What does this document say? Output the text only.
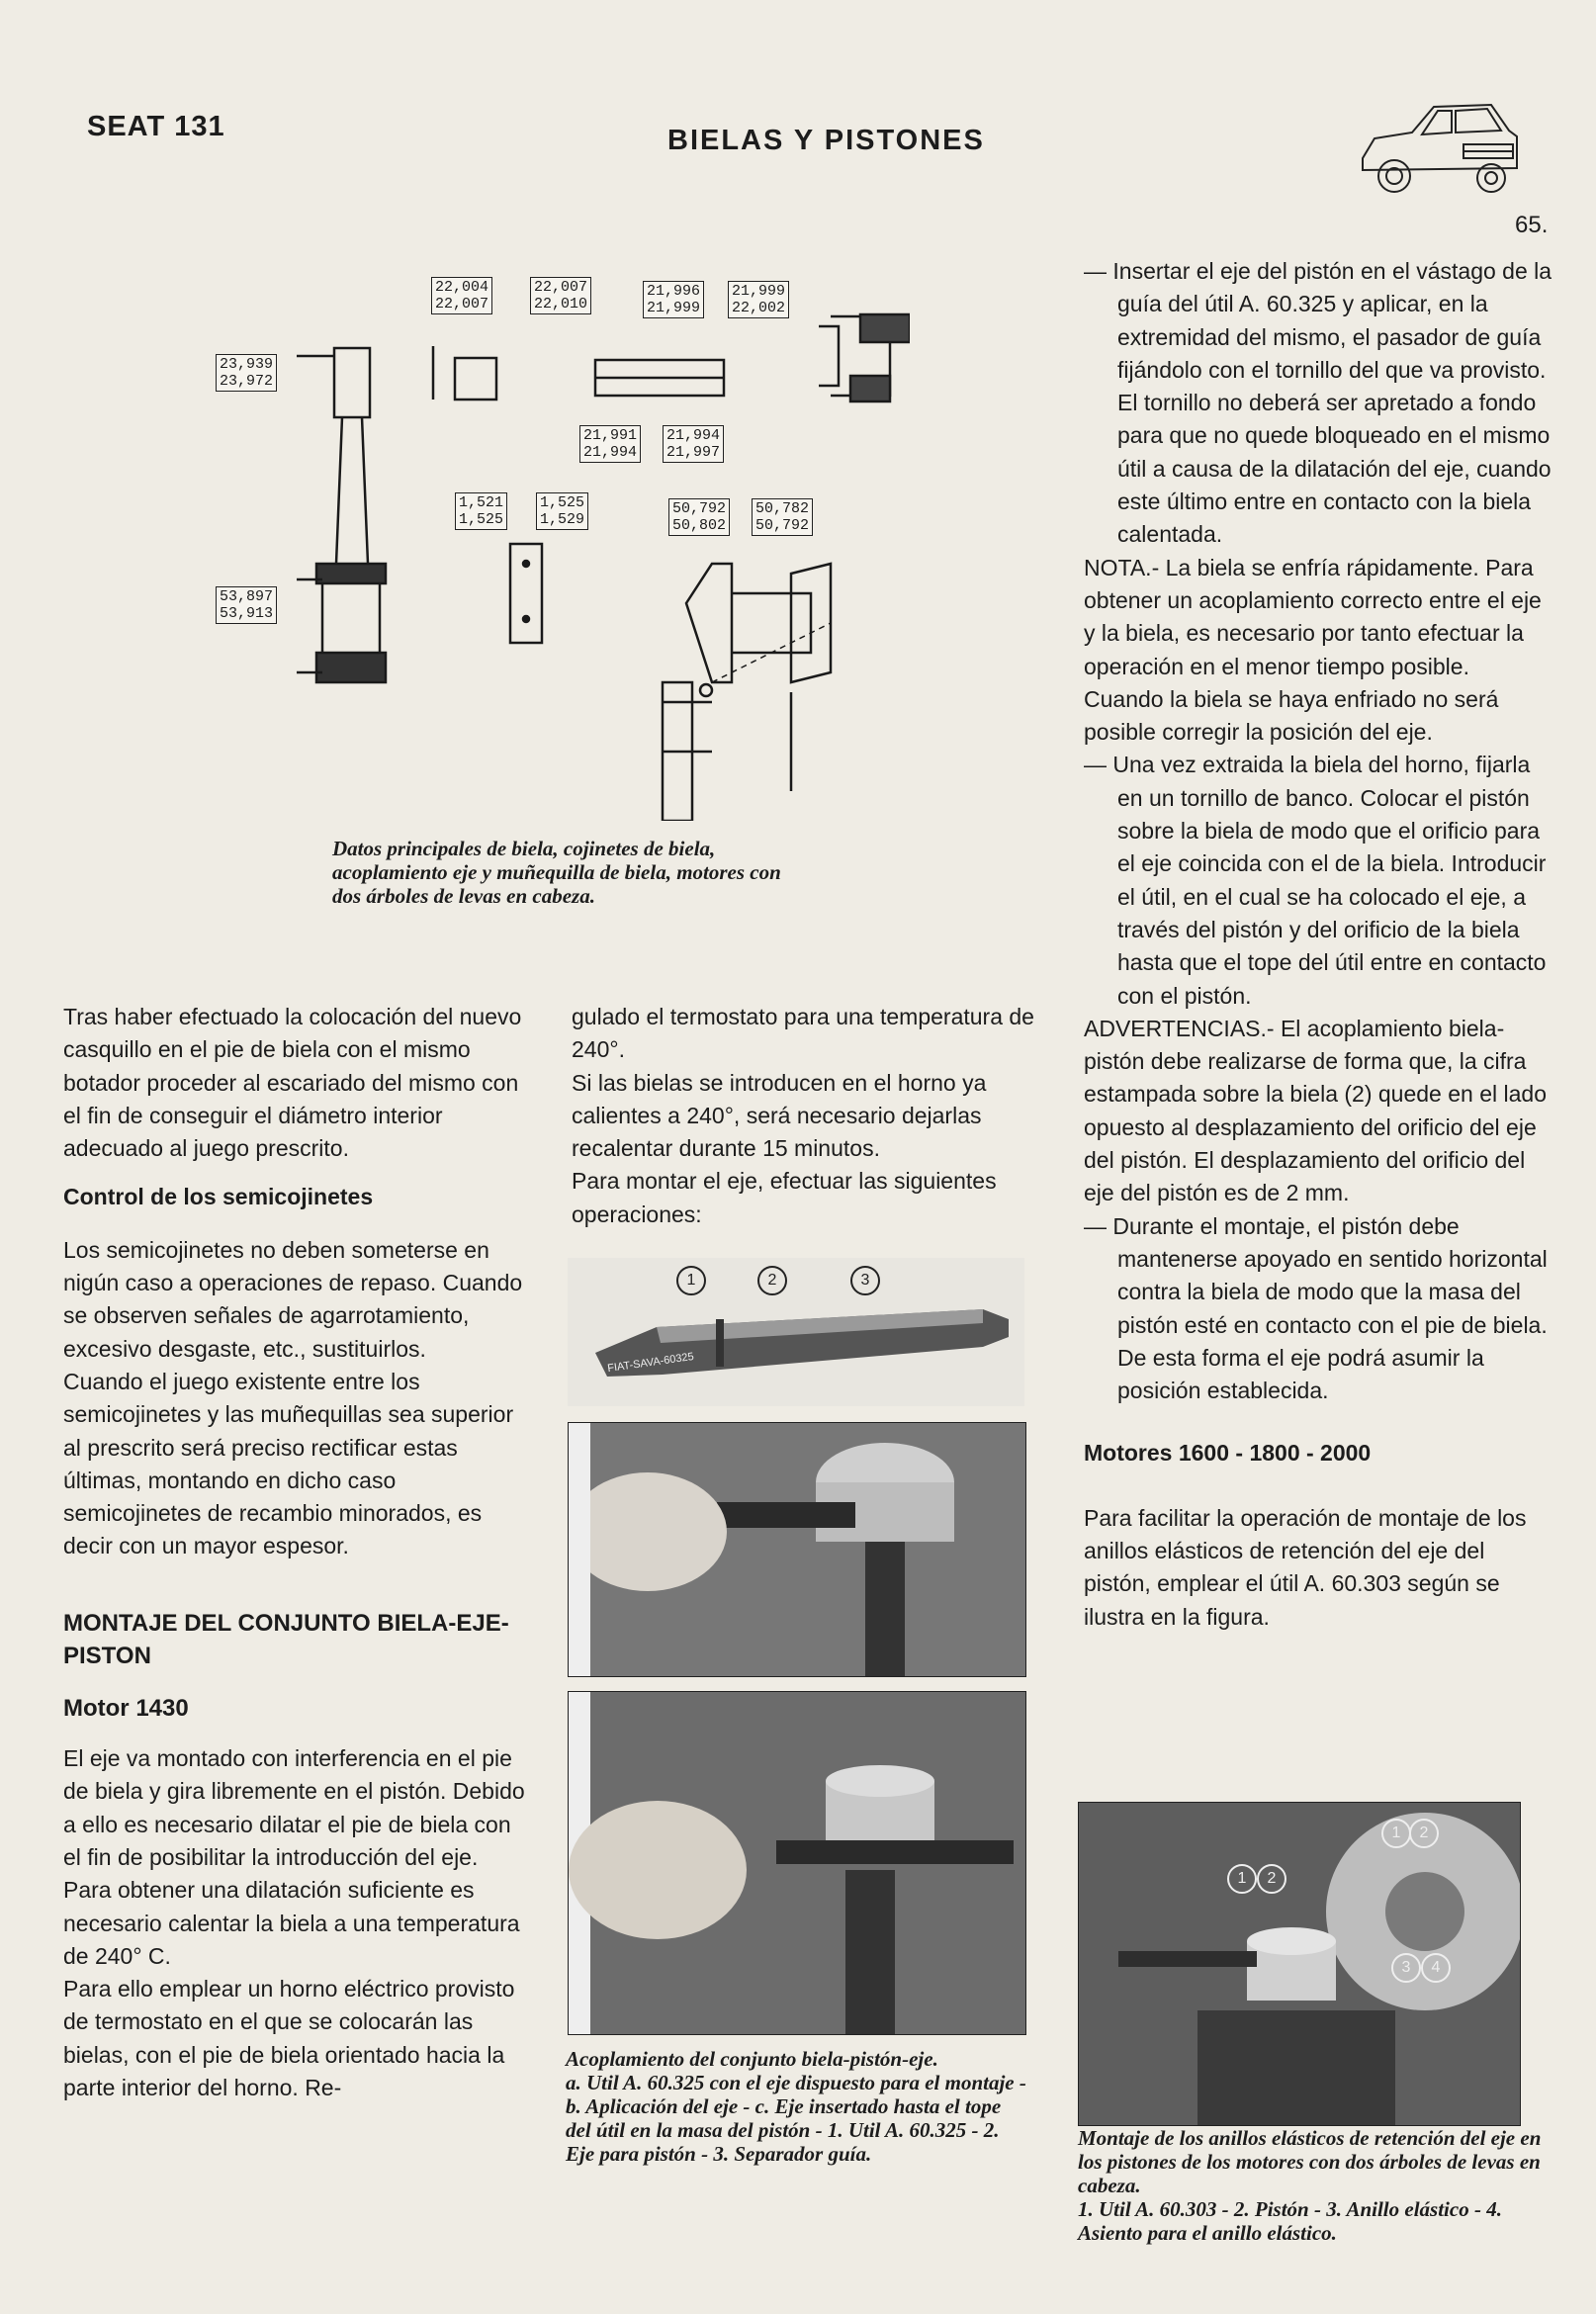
SEAT 131	BIELAS Y PISTONES
65.
23,939
23,972
53,897
53,913
22,004
22,007
22,007
22,010
21,996
21,999
21,999
22,002
21,991
21,994
21,994
21,997
1,521
1,525
1,525
1,529
50,792
50,802
50,782
50,792
Datos principales de biela, cojinetes de biela, acoplamiento eje y muñequilla de biela, motores con dos árboles de levas en cabeza.

Tras haber efectuado la colocación del nuevo casquillo en el pie de biela con el mismo botador proceder al escariado del mismo con el fin de conseguir el diámetro interior adecuado al juego prescrito.

Control de los semicojinetes

Los semicojinetes no deben someterse en nigún caso a operaciones de repaso. Cuando se observen señales de agarrotamiento, excesivo desgaste, etc., sustituirlos.

Cuando el juego existente entre los semicojinetes y las muñequillas sea superior al prescrito será preciso rectificar estas últimas, montando en dicho caso semicojinetes de recambio minorados, es decir con un mayor espesor.

MONTAJE DEL CONJUNTO BIELA-EJE-PISTON
Motor 1430

El eje va montado con interferencia en el pie de biela y gira libremente en el pistón. Debido a ello es necesario dilatar el pie de biela con el fin de posibilitar la introducción del eje. Para obtener una dilatación suficiente es necesario calentar la biela a una temperatura de 240° C.

Para ello emplear un horno eléctrico provisto de termostato en el que se colocarán las bielas, con el pie de biela orientado hacia la parte interior del horno. Re-

gulado el termostato para una temperatura de 240°.

Si las bielas se introducen en el horno ya calientes a 240°, será necesario dejarlas recalentar durante 15 minutos.

Para montar el eje, efectuar las siguientes operaciones:

1	2	3
FIAT-SAVA-60325
Acoplamiento del conjunto biela-pistón-eje.
a. Util A. 60.325 con el eje dispuesto para el montaje - b. Aplicación del eje - c. Eje insertado hasta el tope del útil en la masa del pistón - 1. Util A. 60.325 - 2. Eje para pistón - 3. Separador guía.

— Insertar el eje del pistón en el vástago de la guía del útil A. 60.325 y aplicar, en la extremidad del mismo, el pasador de guía fijándolo con el tornillo del que va provisto. El tornillo no deberá ser apretado a fondo para que no quede bloqueado en el mismo útil a causa de la dilatación del eje, cuando este último entre en contacto con la biela calentada.

NOTA.- La biela se enfría rápidamente. Para obtener un acoplamiento correcto entre el eje y la biela, es necesario por tanto efectuar la operación en el menor tiempo posible. Cuando la biela se haya enfriado no será posible corregir la posición del eje.

— Una vez extraida la biela del horno, fijarla en un tornillo de banco. Colocar el pistón sobre la biela de modo que el orificio para el eje coincida con el de la biela. Introducir el útil, en el cual se ha colocado el eje, a través del pistón y del orificio de la biela hasta que el tope del útil entre en contacto con el pistón.

ADVERTENCIAS.- El acoplamiento biela-pistón debe realizarse de forma que, la cifra estampada sobre la biela (2) quede en el lado opuesto al desplazamiento del orificio del eje del pistón. El desplazamiento del orificio del eje del pistón es de 2 mm.

— Durante el montaje, el pistón debe mantenerse apoyado en sentido horizontal contra la biela de modo que la masa del pistón esté en contacto con el pie de biela. De esta forma el eje podrá asumir la posición establecida.

Motores 1600 - 1800 - 2000

Para facilitar la operación de montaje de los anillos elásticos de retención del eje del pistón, emplear el útil A. 60.303 según se ilustra en la figura.

1	2
1	2
3	4
Montaje de los anillos elásticos de retención del eje en los pistones de los motores con dos árboles de levas en cabeza.
1. Util A. 60.303 - 2. Pistón - 3. Anillo elástico - 4. Asiento para el anillo elástico.
